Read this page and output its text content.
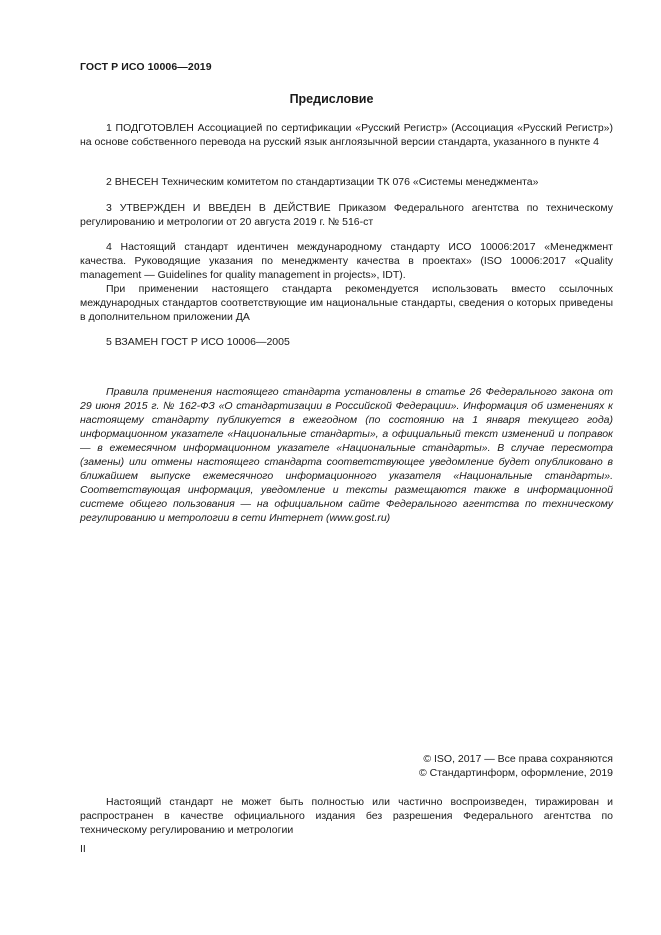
ГОСТ Р ИСО 10006—2019
Предисловие

1 ПОДГОТОВЛЕН Ассоциацией по сертификации «Русский Регистр» (Ассоциация «Русский Регистр») на основе собственного перевода на русский язык англоязычной версии стандарта, указанного в пункте 4

2 ВНЕСЕН Техническим комитетом по стандартизации ТК 076 «Системы менеджмента»

3 УТВЕРЖДЕН И ВВЕДЕН В ДЕЙСТВИЕ Приказом Федерального агентства по техническому регулированию и метрологии от 20 августа 2019 г. № 516-ст

4 Настоящий стандарт идентичен международному стандарту ИСО 10006:2017 «Менеджмент качества. Руководящие указания по менеджменту качества в проектах» (ISO 10006:2017 «Quality management — Guidelines for quality management in projects», IDT).

При применении настоящего стандарта рекомендуется использовать вместо ссылочных международных стандартов соответствующие им национальные стандарты, сведения о которых приведены в дополнительном приложении ДА

5 ВЗАМЕН ГОСТ Р ИСО 10006—2005

Правила применения настоящего стандарта установлены в статье 26 Федерального закона от 29 июня 2015 г. № 162-ФЗ «О стандартизации в Российской Федерации». Информация об изменениях к настоящему стандарту публикуется в ежегодном (по состоянию на 1 января текущего года) информационном указателе «Национальные стандарты», а официальный текст изменений и поправок — в ежемесячном информационном указателе «Национальные стандарты». В случае пересмотра (замены) или отмены настоящего стандарта соответствующее уведомление будет опубликовано в ближайшем выпуске ежемесячного информационного указателя «Национальные стандарты». Соответствующая информация, уведомление и тексты размещаются также в информационной системе общего пользования — на официальном сайте Федерального агентства по техническому регулированию и метрологии в сети Интернет (www.gost.ru)

© ISO, 2017 — Все права сохраняются
© Стандартинформ, оформление, 2019

Настоящий стандарт не может быть полностью или частично воспроизведен, тиражирован и распространен в качестве официального издания без разрешения Федерального агентства по техническому регулированию и метрологии

II
